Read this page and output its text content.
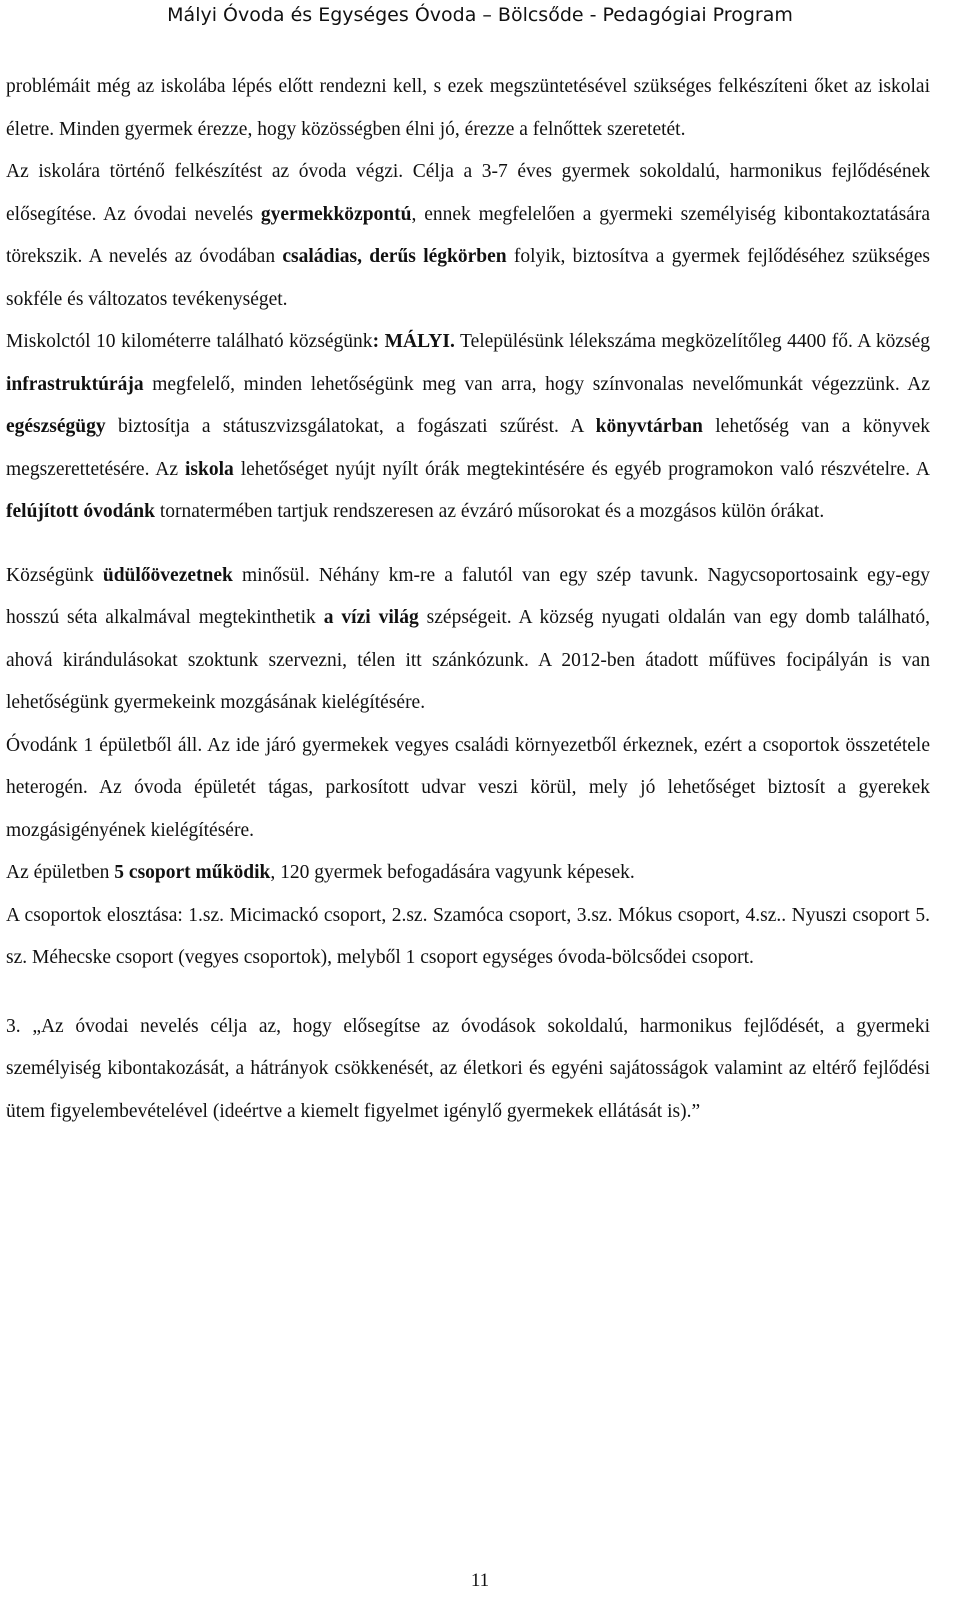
Mályi Óvoda és Egységes Óvoda – Bölcsőde - Pedagógiai Program

problémáit még az iskolába lépés előtt rendezni kell, s ezek megszüntetésével szükséges felkészíteni őket az iskolai életre. Minden gyermek érezze, hogy közösségben élni jó, érezze a felnőttek szeretetét.

Az iskolára történő felkészítést az óvoda végzi. Célja a 3-7 éves gyermek sokoldalú, harmonikus fejlődésének elősegítése. Az óvodai nevelés gyermekközpontú, ennek megfelelően a gyermeki személyiség kibontakoztatására törekszik. A nevelés az óvodában családias, derűs légkörben folyik, biztosítva a gyermek fejlődéséhez szükséges sokféle és változatos tevékenységet.

Miskolctól 10 kilométerre található községünk: MÁLYI. Településünk lélekszáma megközelítőleg 4400 fő. A község infrastruktúrája megfelelő, minden lehetőségünk meg van arra, hogy színvonalas nevelőmunkát végezzünk. Az egészségügy biztosítja a státuszvizsgálatokat, a fogászati szűrést. A könyvtárban lehetőség van a könyvek megszerettetésére. Az iskola lehetőséget nyújt nyílt órák megtekintésére és egyéb programokon való részvételre. A felújított óvodánk tornatermében tartjuk rendszeresen az évzáró műsorokat és a mozgásos külön órákat.

Községünk üdülőövezetnek minősül. Néhány km-re a falutól van egy szép tavunk. Nagycsoportosaink egy-egy hosszú séta alkalmával megtekinthetik a vízi világ szépségeit. A község nyugati oldalán van egy domb található, ahová kirándulásokat szoktunk szervezni, télen itt szánkózunk. A 2012-ben átadott műfüves focipályán is van lehetőségünk gyermekeink mozgásának kielégítésére.

Óvodánk 1 épületből áll. Az ide járó gyermekek vegyes családi környezetből érkeznek, ezért a csoportok összetétele heterogén. Az óvoda épületét tágas, parkosított udvar veszi körül, mely jó lehetőséget biztosít a gyerekek mozgásigényének kielégítésére.

Az épületben 5 csoport működik, 120 gyermek befogadására vagyunk képesek.

A csoportok elosztása: 1.sz. Micimackó csoport, 2.sz. Szamóca csoport, 3.sz. Mókus csoport, 4.sz.. Nyuszi csoport 5. sz. Méhecske csoport (vegyes csoportok), melyből 1 csoport egységes óvoda-bölcsődei csoport.

3. „Az óvodai nevelés célja az, hogy elősegítse az óvodások sokoldalú, harmonikus fejlődését, a gyermeki személyiség kibontakozását, a hátrányok csökkenését, az életkori és egyéni sajátosságok valamint az eltérő fejlődési ütem figyelembevételével (ideértve a kiemelt figyelmet igénylő gyermekek ellátását is).”

11
